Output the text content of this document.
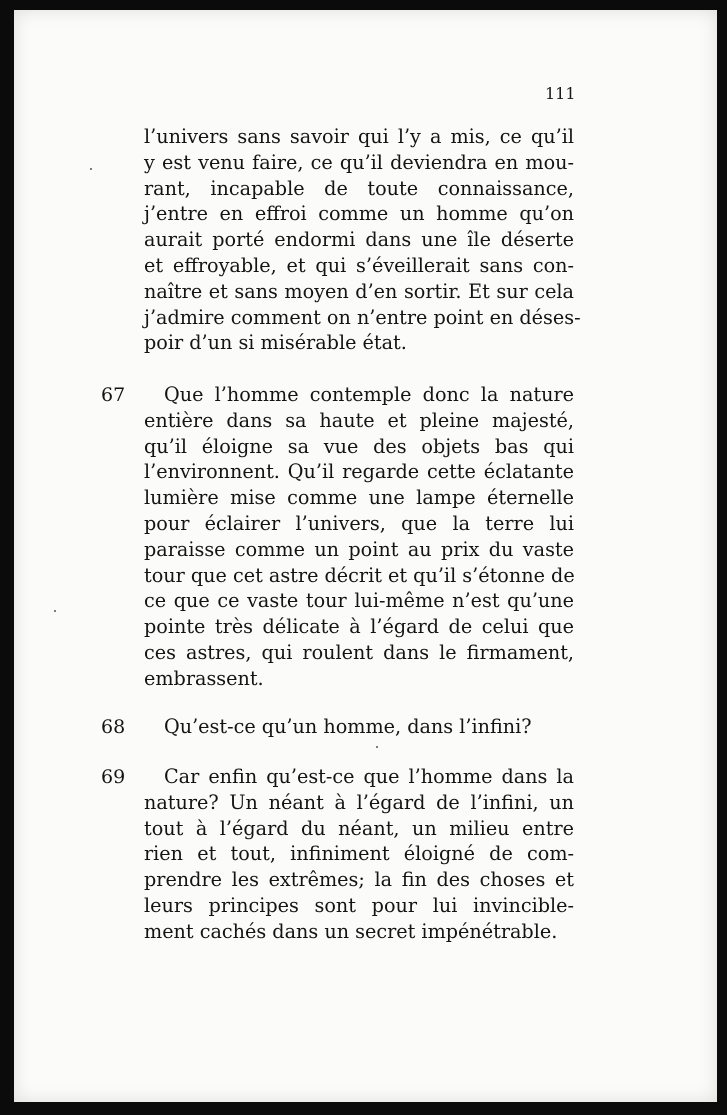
111

l’univers sans savoir qui l’y a mis, ce qu’il
y est venu faire, ce qu’il deviendra en mou-
rant, incapable de toute connaissance,
j’entre en effroi comme un homme qu’on
aurait porté endormi dans une île déserte
et effroyable, et qui s’éveillerait sans con-
naître et sans moyen d’en sortir. Et sur cela
j’admire comment on n’entre point en déses-
poir d’un si misérable état.

67	Que l’homme contemple donc la nature
entière dans sa haute et pleine majesté,
qu’il éloigne sa vue des objets bas qui
l’environnent. Qu’il regarde cette éclatante
lumière mise comme une lampe éternelle
pour éclairer l’univers, que la terre lui
paraisse comme un point au prix du vaste
tour que cet astre décrit et qu’il s’étonne de
ce que ce vaste tour lui-même n’est qu’une
pointe très délicate à l’égard de celui que
ces astres, qui roulent dans le firmament,
embrassent.

68	Qu’est-ce qu’un homme, dans l’infini?

69	Car enfin qu’est-ce que l’homme dans la
nature? Un néant à l’égard de l’infini, un
tout à l’égard du néant, un milieu entre
rien et tout, infiniment éloigné de com-
prendre les extrêmes; la fin des choses et
leurs principes sont pour lui invincible-
ment cachés dans un secret impénétrable.
